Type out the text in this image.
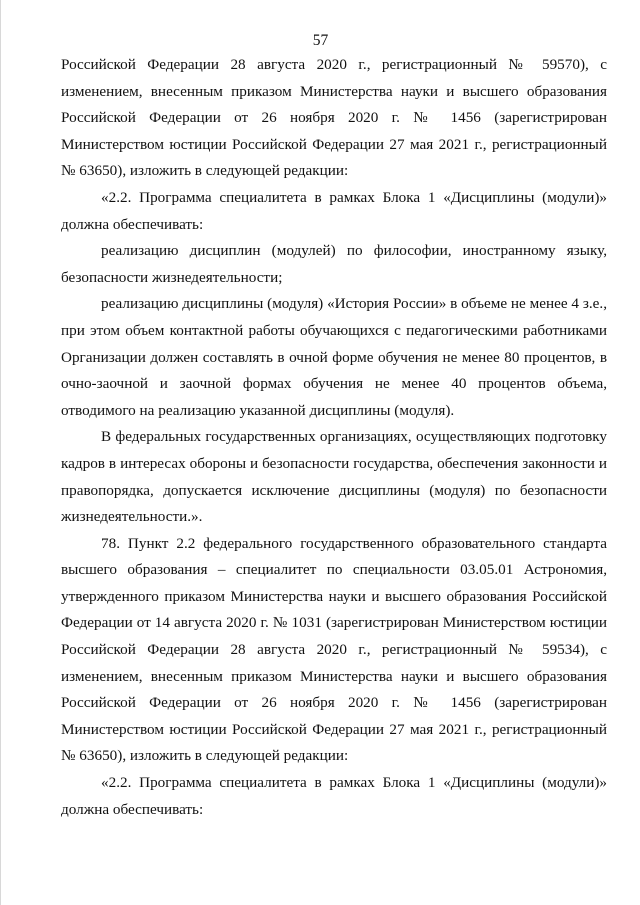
57

Российской Федерации 28 августа 2020 г., регистрационный № 59570), с изменением, внесенным приказом Министерства науки и высшего образования Российской Федерации от 26 ноября 2020 г. № 1456 (зарегистрирован Министерством юстиции Российской Федерации 27 мая 2021 г., регистрационный № 63650), изложить в следующей редакции:

«2.2. Программа специалитета в рамках Блока 1 «Дисциплины (модули)» должна обеспечивать:

реализацию дисциплин (модулей) по философии, иностранному языку, безопасности жизнедеятельности;

реализацию дисциплины (модуля) «История России» в объеме не менее 4 з.е., при этом объем контактной работы обучающихся с педагогическими работниками Организации должен составлять в очной форме обучения не менее 80 процентов, в очно-заочной и заочной формах обучения не менее 40 процентов объема, отводимого на реализацию указанной дисциплины (модуля).

В федеральных государственных организациях, осуществляющих подготовку кадров в интересах обороны и безопасности государства, обеспечения законности и правопорядка, допускается исключение дисциплины (модуля) по безопасности жизнедеятельности.».

78. Пункт 2.2 федерального государственного образовательного стандарта высшего образования – специалитет по специальности 03.05.01 Астрономия, утвержденного приказом Министерства науки и высшего образования Российской Федерации от 14 августа 2020 г. № 1031 (зарегистрирован Министерством юстиции Российской Федерации 28 августа 2020 г., регистрационный № 59534), с изменением, внесенным приказом Министерства науки и высшего образования Российской Федерации от 26 ноября 2020 г. № 1456 (зарегистрирован Министерством юстиции Российской Федерации 27 мая 2021 г., регистрационный № 63650), изложить в следующей редакции:

«2.2. Программа специалитета в рамках Блока 1 «Дисциплины (модули)» должна обеспечивать:
